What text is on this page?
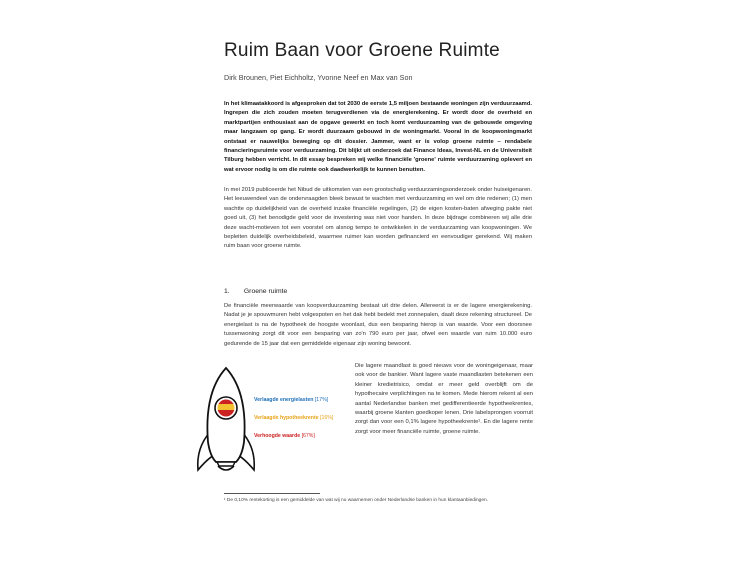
Ruim Baan voor Groene Ruimte
Dirk Brounen, Piet Eichholtz, Yvonne Neef en Max van Son

In het klimaatakkoord is afgesproken dat tot 2030 de eerste 1,5 miljoen bestaande woningen zijn verduurzaamd. Ingrepen die zich zouden moeten terugverdienen via de energierekening. Er wordt door de overheid en marktpartijen enthousiast aan de opgave gewerkt en toch komt verduurzaming van de gebouwde omgeving maar langzaam op gang. Er wordt duurzaam gebouwd in de woningmarkt. Vooral in de koopwoningmarkt ontstaat er nauwelijks beweging op dit dossier. Jammer, want er is volop groene ruimte – rendabele financieringsruimte voor verduurzaming. Dit blijkt uit onderzoek dat Finance Ideas, Invest-NL en de Universiteit Tilburg hebben verricht. In dit essay bespreken wij welke financiële 'groene' ruimte verduurzaming oplevert en wat ervoor nodig is om die ruimte ook daadwerkelijk te kunnen benutten.

In mei 2019 publiceerde het Nibud de uitkomsten van een grootschalig verduurzamingsonderzoek onder huiseigenaren. Het leeuwendeel van de ondervraagden bleek bewust te wachten met verduurzaming en wel om drie redenen; (1) men wachtte op duidelijkheid van de overheid inzake financiële regelingen, (2) de eigen kosten-baten afweging pakte niet goed uit, (3) het benodigde geld voor de investering was niet voor handen. In deze bijdrage combineren wij alle drie deze wacht-motieven tot een voorstel om alsnog tempo te ontwikkelen in de verduurzaming van koopwoningen. We bepleiten duidelijk overheidsbeleid, waarmee ruimer kan worden gefinancierd en eenvoudiger gerekend. Wij maken ruim baan voor groene ruimte.

1. Groene ruimte

De financiële meerwaarde van koopverduurzaming bestaat uit drie delen. Allereerst is er de lagere energierekening. Nadat je je spouwmuren hebt volgespoten en het dak hebt bedekt met zonnepalen, daalt deze rekening structureel. De energielast is na de hypotheek de hoogste woonlast, dus een besparing hierop is van waarde. Voor een doorsnee tussenwoning zorgt dit voor een besparing van zo'n 790 euro per jaar, ofwel een waarde van ruim 10.000 euro gedurende de 15 jaar dat een gemiddelde eigenaar zijn woning bewoont.

Verlaagde energielasten [17%]
Verlaagde hypotheekrente [16%]
Verhoogde waarde [67%]

Die lagere maandlast is goed nieuws voor de woningeigenaar, maar ook voor de bankier. Want lagere vaste maandlasten betekenen een kleiner kredietrisico, omdat er meer geld overblijft om de hypothecaire verplichtingen na te komen. Mede hierom rekent al een aantal Nederlandse banken met gedifferentieerde hypotheekrentes, waarbij groene klanten goedkoper lenen. Drie labelsprongen voorruit zorgt dan voor een 0,1% lagere hypotheekrente¹. En die lagere rente zorgt voor meer financiële ruimte, groene ruimte.

¹ De 0,10% rentekorting is een gemiddelde van wat wij nu waarnemen onder Nederlandse banken in hun klantaanbiedingen.
